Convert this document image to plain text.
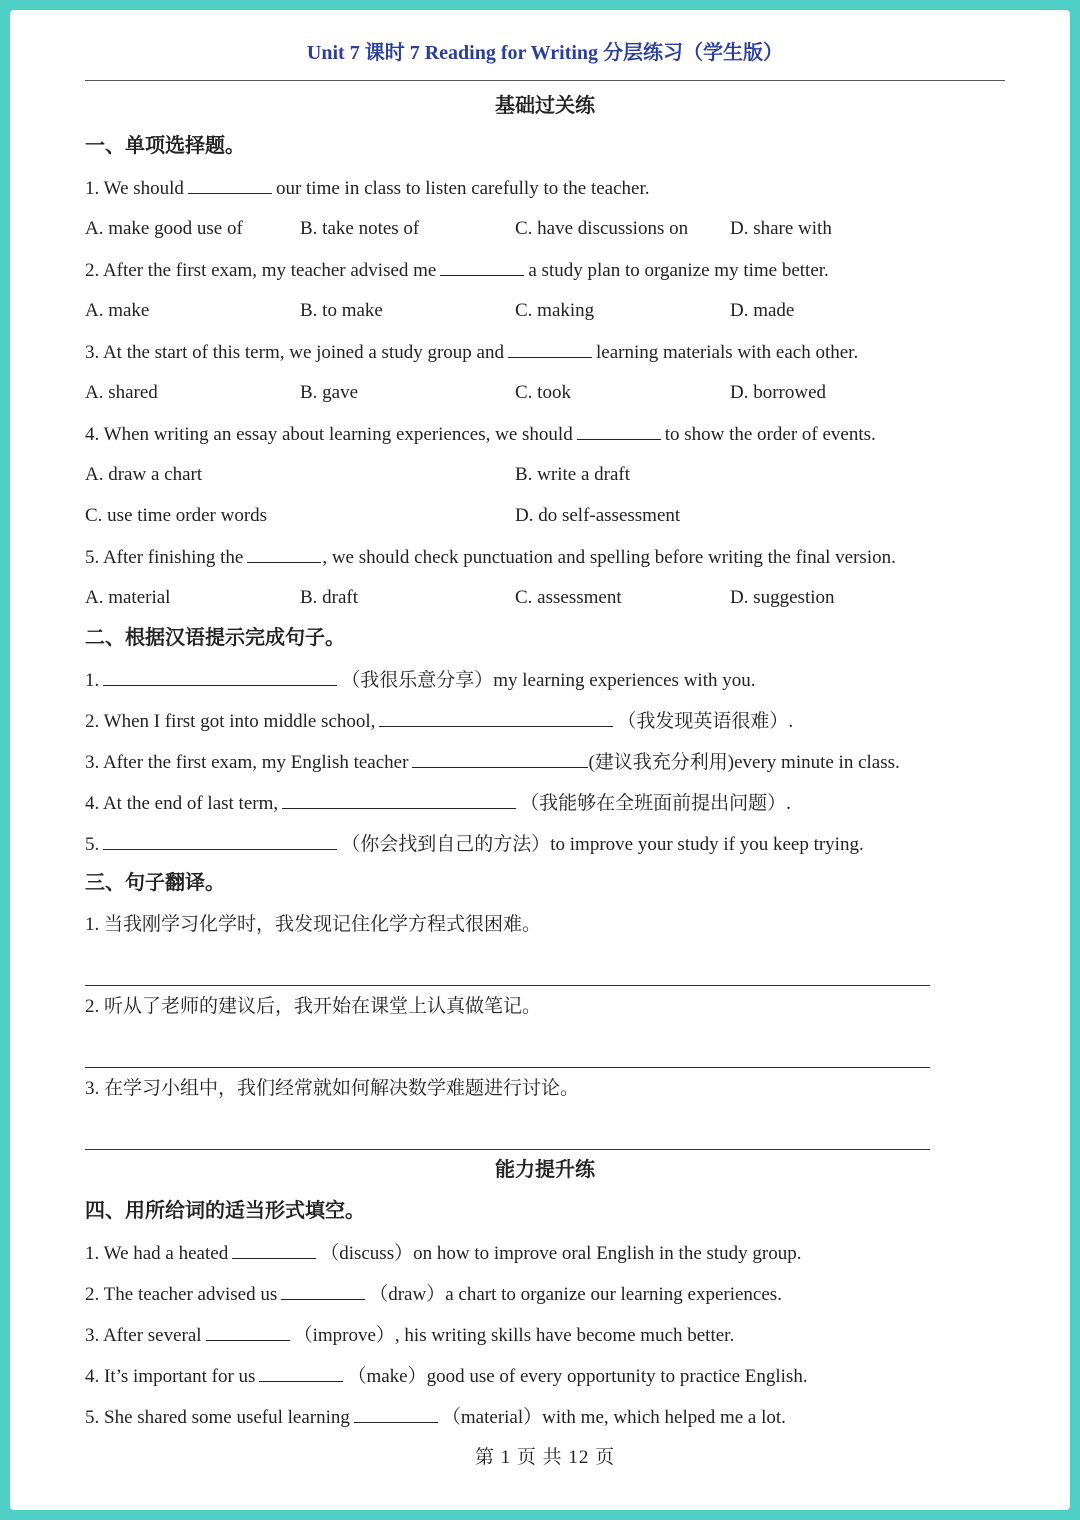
Unit 7 课时 7 Reading for Writing 分层练习（学生版）
基础过关练
一、单项选择题。
1. We should	our time in class to listen carefully to the teacher.
A. make good use of	B. take notes of	C. have discussions on D. share with
2. After the first exam, my teacher advised me	a study plan to organize my time better.
A. make	B. to make	C. making	D. made
3. At the start of this term, we joined a study group and	learning materials with each other.
A. shared	B. gave	C. took	D. borrowed
4. When writing an essay about learning experiences, we should	to show the order of events.
A. draw a chart	B. write a draft
C. use time order words	D. do self-assessment
5. After finishing the	, we should check punctuation and spelling before writing the final version.
A. material	B. draft	C. assessment	D. suggestion
二、根据汉语提示完成句子。
1.	（我很乐意分享）my learning experiences with you.
2. When I first got into middle school,	（我发现英语很难）.
3. After the first exam, my English teacher	(建议我充分利用)every minute in class.
4. At the end of last term,	（我能够在全班面前提出问题）.
5.	（你会找到自己的方法）to improve your study if you keep trying.
三、句子翻译。
1. 当我刚学习化学时，我发现记住化学方程式很困难。
2. 听从了老师的建议后，我开始在课堂上认真做笔记。
3. 在学习小组中，我们经常就如何解决数学难题进行讨论。
能力提升练
四、用所给词的适当形式填空。
1. We had a heated	（discuss）on how to improve oral English in the study group.
2. The teacher advised us	（draw）a chart to organize our learning experiences.
3. After several	（improve）, his writing skills have become much better.
4. It’s important for us	（make）good use of every opportunity to practice English.
5. She shared some useful learning	（material）with me, which helped me a lot.
第 1 页 共 12 页
